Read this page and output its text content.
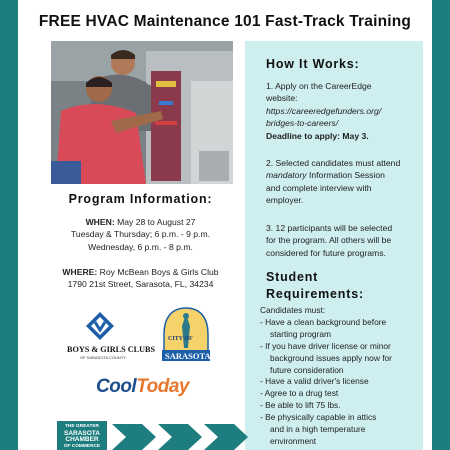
FREE HVAC Maintenance 101 Fast-Track Training
How It Works:
1. Apply on the CareerEdge
website:
https://careeredgefunders.org/
bridges-to-careers/
Deadline to apply: May 3.
2. Selected candidates must attend
mandatory Information Session
and complete interview with
employer.
3. 12 participants will be selected
for the program. All others will be
considered for future programs.
Student
Requirements:
Candidates must:
- Have a clean background before

starting program
- If you have driver license or minor

background issues apply now for
future consideration
- Have a valid driver's license
- Agree to a drug test
- Be able to lift 75 lbs.
- Be physically capable in attics

and in a high temperature
environment
Program Information:
WHEN: May 28 to August 27
Tuesday & Thursday; 6 p.m. - 9 p.m.
Wednesday, 6 p.m. - 8 p.m.
WHERE: Roy McBean Boys & Girls Club
1790 21st Street, Sarasota, FL, 34234
BOYS & GIRLS CLUBS
OF SARASOTA COUNTY
CITY OF
SARASOTA
CoolToday
THE GREATER
SARASOTA
CHAMBER
OF COMMERCE
